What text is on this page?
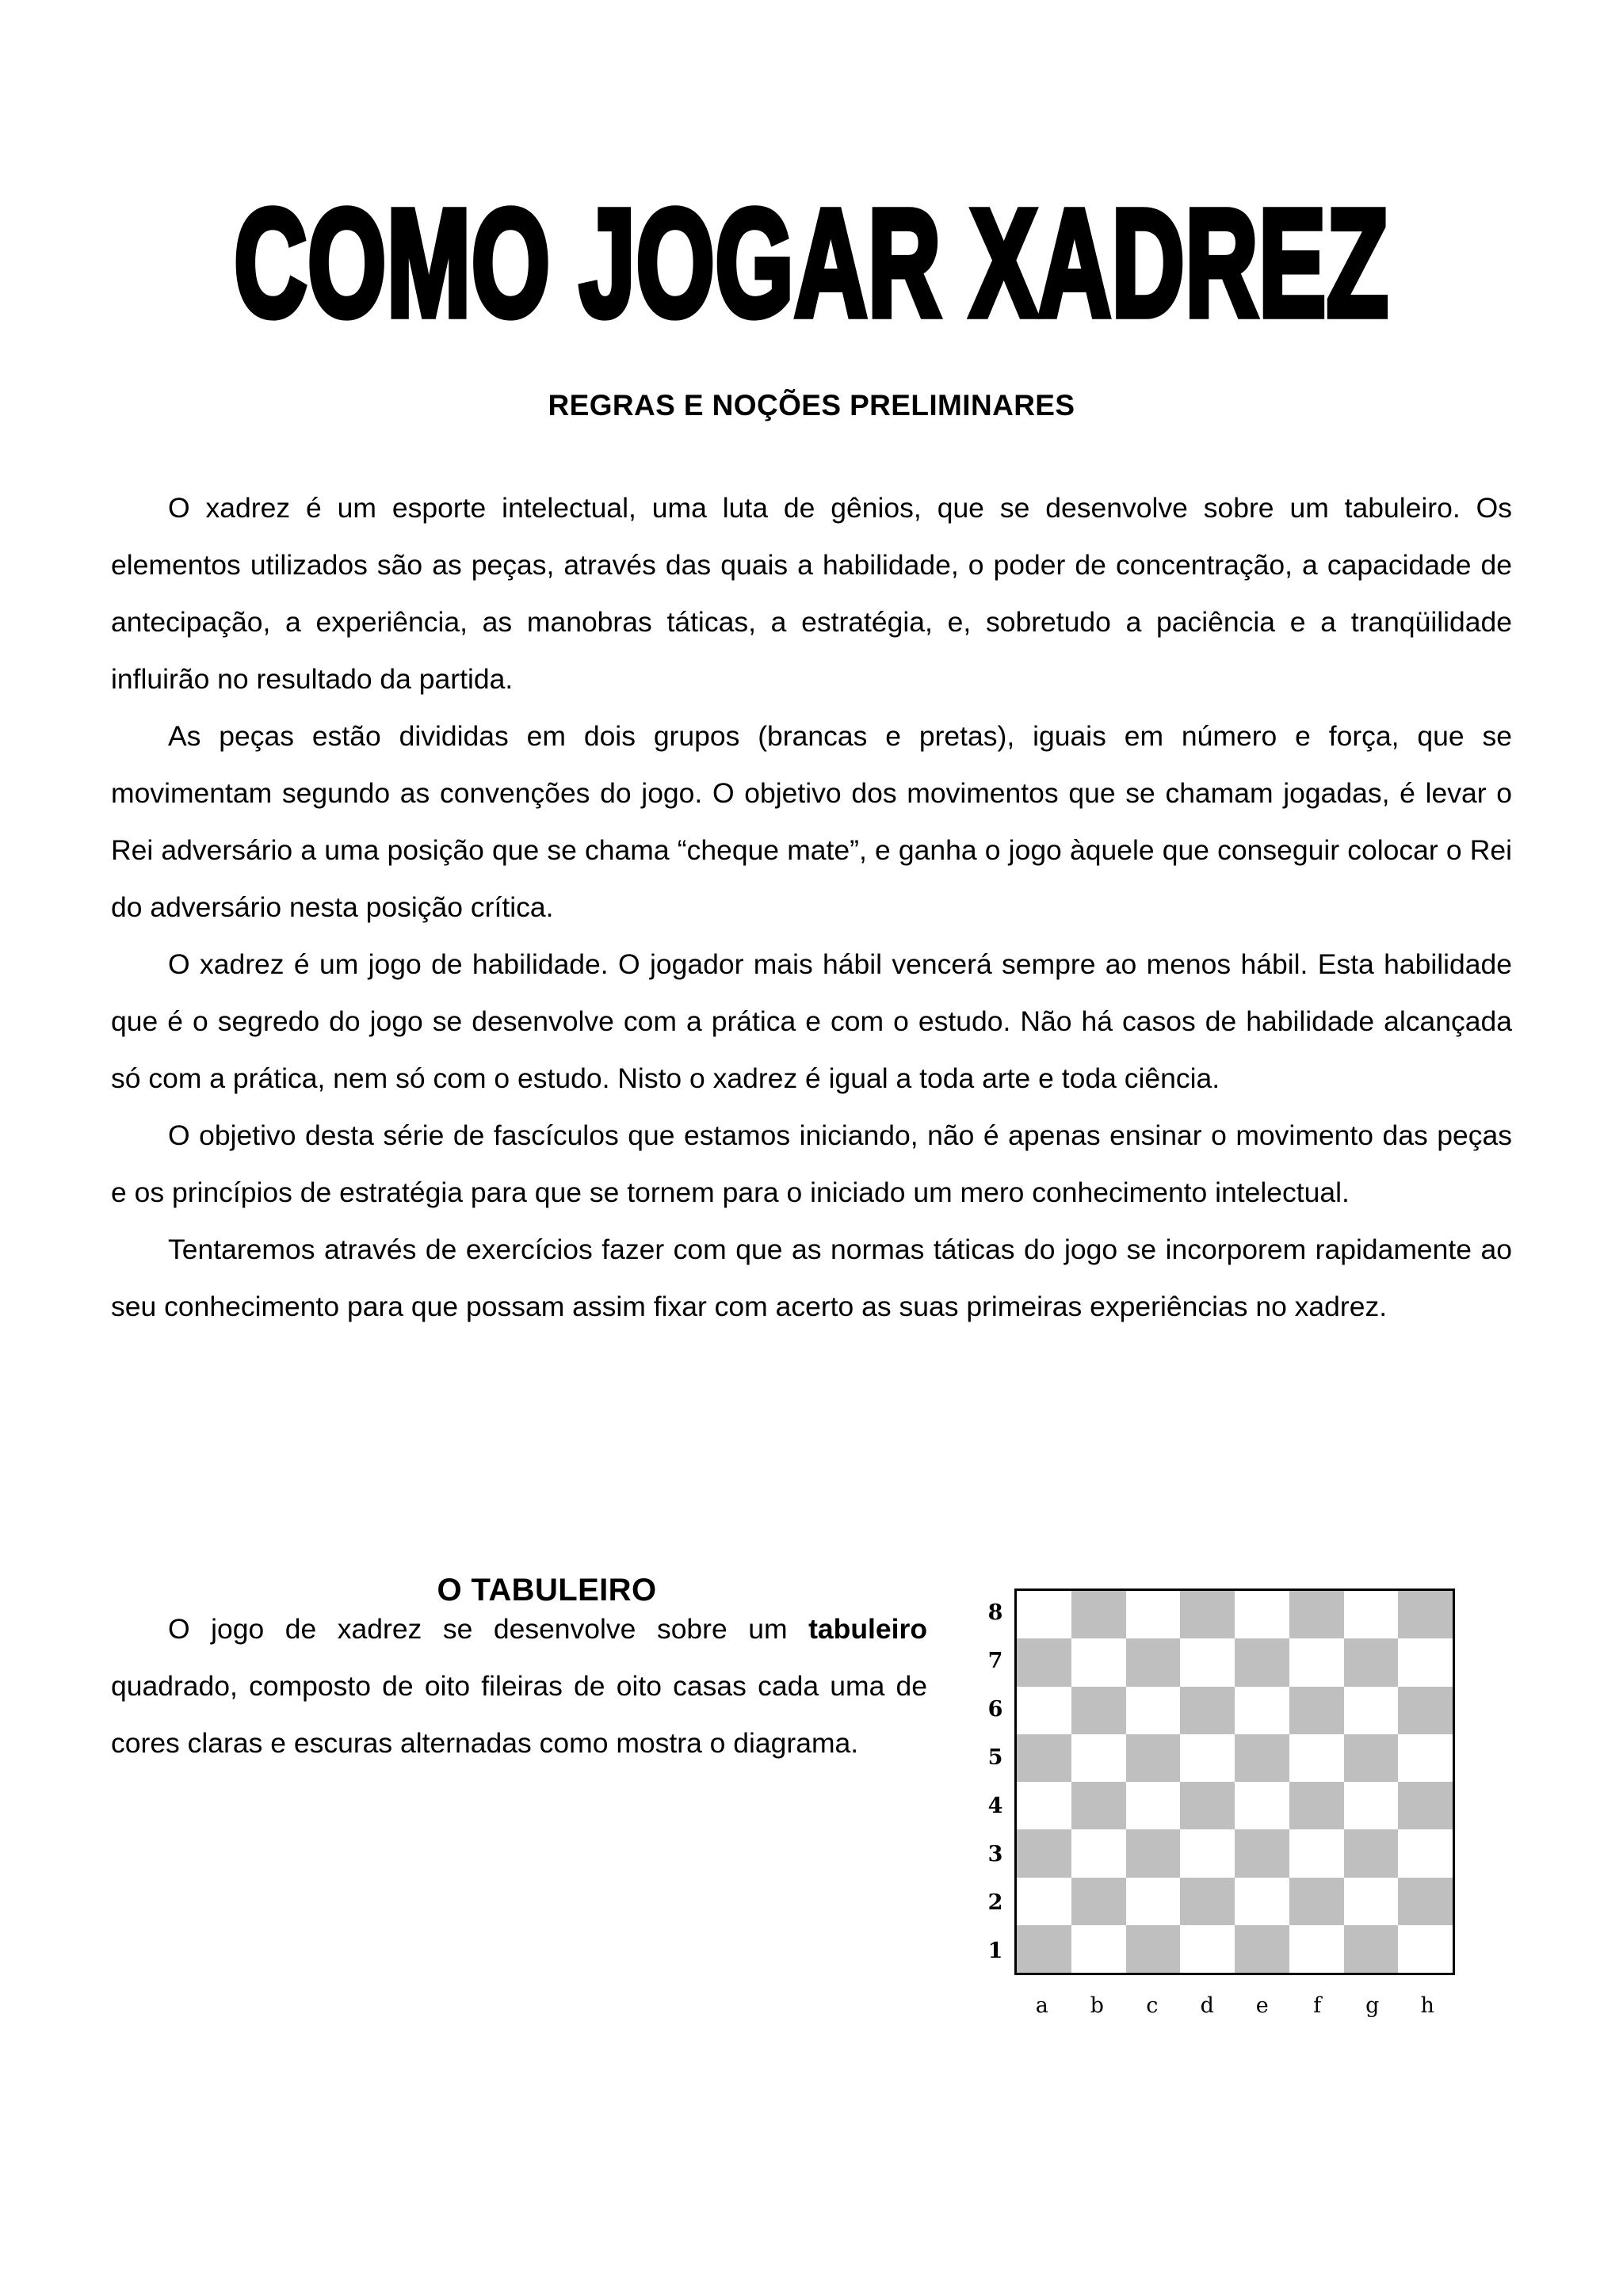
COMO JOGAR XADREZ
REGRAS E NOÇÕES PRELIMINARES

O xadrez é um esporte intelectual, uma luta de gênios, que se desenvolve sobre um tabuleiro. Os elementos utilizados são as peças, através das quais a habilidade, o poder de concentração, a capacidade de antecipação, a experiência, as manobras táticas, a estratégia, e, sobretudo a paciência e a tranqüilidade influirão no resultado da partida.

As peças estão divididas em dois grupos (brancas e pretas), iguais em número e força, que se movimentam segundo as convenções do jogo. O objetivo dos movimentos que se chamam jogadas, é levar o Rei adversário a uma posição que se chama “cheque mate”, e ganha o jogo àquele que conseguir colocar o Rei do adversário nesta posição crítica.

O xadrez é um jogo de habilidade. O jogador mais hábil vencerá sempre ao menos hábil. Esta habilidade que é o segredo do jogo se desenvolve com a prática e com o estudo. Não há casos de habilidade alcançada só com a prática, nem só com o estudo. Nisto o xadrez é igual a toda arte e toda ciência.

O objetivo desta série de fascículos que estamos iniciando, não é apenas ensinar o movimento das peças e os princípios de estratégia para que se tornem para o iniciado um mero conhecimento intelectual.

Tentaremos através de exercícios fazer com que as normas táticas do jogo se incorporem rapidamente ao seu conhecimento para que possam assim fixar com acerto as suas primeiras experiências no xadrez.

O TABULEIRO

O jogo de xadrez se desenvolve sobre um tabuleiro quadrado, composto de oito fileiras de oito casas cada uma de cores claras e escuras alternadas como mostra o diagrama.

8
7
6
5
4
3
2
1
a	b	c	d	e	f	g	h
